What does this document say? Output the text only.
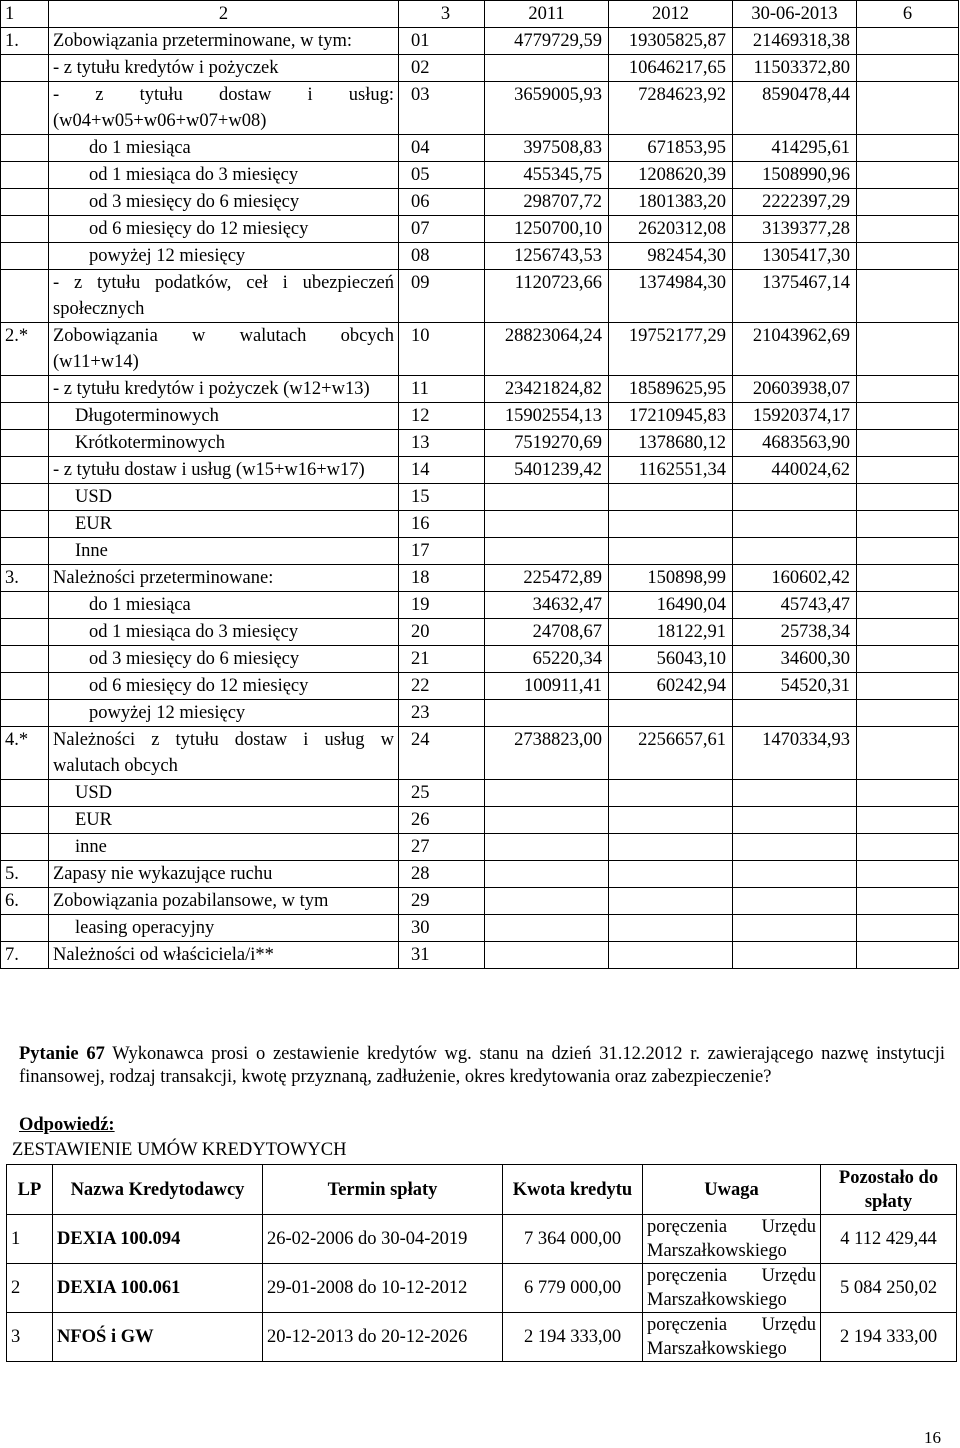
1	2	3	2011	2012	30-06-2013	6
1.	Zobowiązania przeterminowane, w tym:	01	4779729,59	19305825,87	21469318,38	
	- z tytułu kredytów i pożyczek	02		10646217,65	11503372,80	
	- z tytułu dostaw i usług: (w04+w05+w06+w07+w08)	03	3659005,93	7284623,92	8590478,44	
	do 1 miesiąca	04	397508,83	671853,95	414295,61	
	od 1 miesiąca do 3 miesięcy	05	455345,75	1208620,39	1508990,96	
	od 3 miesięcy do 6 miesięcy	06	298707,72	1801383,20	2222397,29	
	od 6 miesięcy do 12 miesięcy	07	1250700,10	2620312,08	3139377,28	
	powyżej 12 miesięcy	08	1256743,53	982454,30	1305417,30	
	- z tytułu podatków, ceł i ubezpieczeń społecznych	09	1120723,66	1374984,30	1375467,14	
2.*	Zobowiązania w walutach obcych (w11+w14)	10	28823064,24	19752177,29	21043962,69	
	- z tytułu kredytów i pożyczek (w12+w13)	11	23421824,82	18589625,95	20603938,07	
	Długoterminowych	12	15902554,13	17210945,83	15920374,17	
	Krótkoterminowych	13	7519270,69	1378680,12	4683563,90	
	- z tytułu dostaw i usług (w15+w16+w17)	14	5401239,42	1162551,34	440024,62	
	USD	15				
	EUR	16				
	Inne	17				
3.	Należności przeterminowane:	18	225472,89	150898,99	160602,42	
	do 1 miesiąca	19	34632,47	16490,04	45743,47	
	od 1 miesiąca do 3 miesięcy	20	24708,67	18122,91	25738,34	
	od 3 miesięcy do 6 miesięcy	21	65220,34	56043,10	34600,30	
	od 6 miesięcy do 12 miesięcy	22	100911,41	60242,94	54520,31	
	powyżej 12 miesięcy	23				
4.*	Należności z tytułu dostaw i usług w walutach obcych	24	2738823,00	2256657,61	1470334,93	
	USD	25				
	EUR	26				
	inne	27				
5.	Zapasy nie wykazujące ruchu	28				
6.	Zobowiązania pozabilansowe, w tym	29				
	leasing operacyjny	30				
7.	Należności od właściciela/i**	31				
Pytanie 67 Wykonawca prosi o zestawienie kredytów wg. stanu na dzień 31.12.2012 r. zawierającego nazwę instytucji finansowej, rodzaj transakcji, kwotę przyznaną, zadłużenie, okres kredytowania oraz zabezpieczenie?
Odpowiedź:
ZESTAWIENIE UMÓW KREDYTOWYCH
LP	Nazwa Kredytodawcy	Termin spłaty	Kwota kredytu	Uwaga	Pozostało do spłaty
1	DEXIA 100.094	26-02-2006 do 30-04-2019	7 364 000,00	poręczenia Urzędu Marszałkowskiego	4 112 429,44
2	DEXIA 100.061	29-01-2008 do 10-12-2012	6 779 000,00	poręczenia Urzędu Marszałkowskiego	5 084 250,02
3	NFOŚ i GW	20-12-2013 do 20-12-2026	2 194 333,00	poręczenia Urzędu Marszałkowskiego	2 194 333,00
16
